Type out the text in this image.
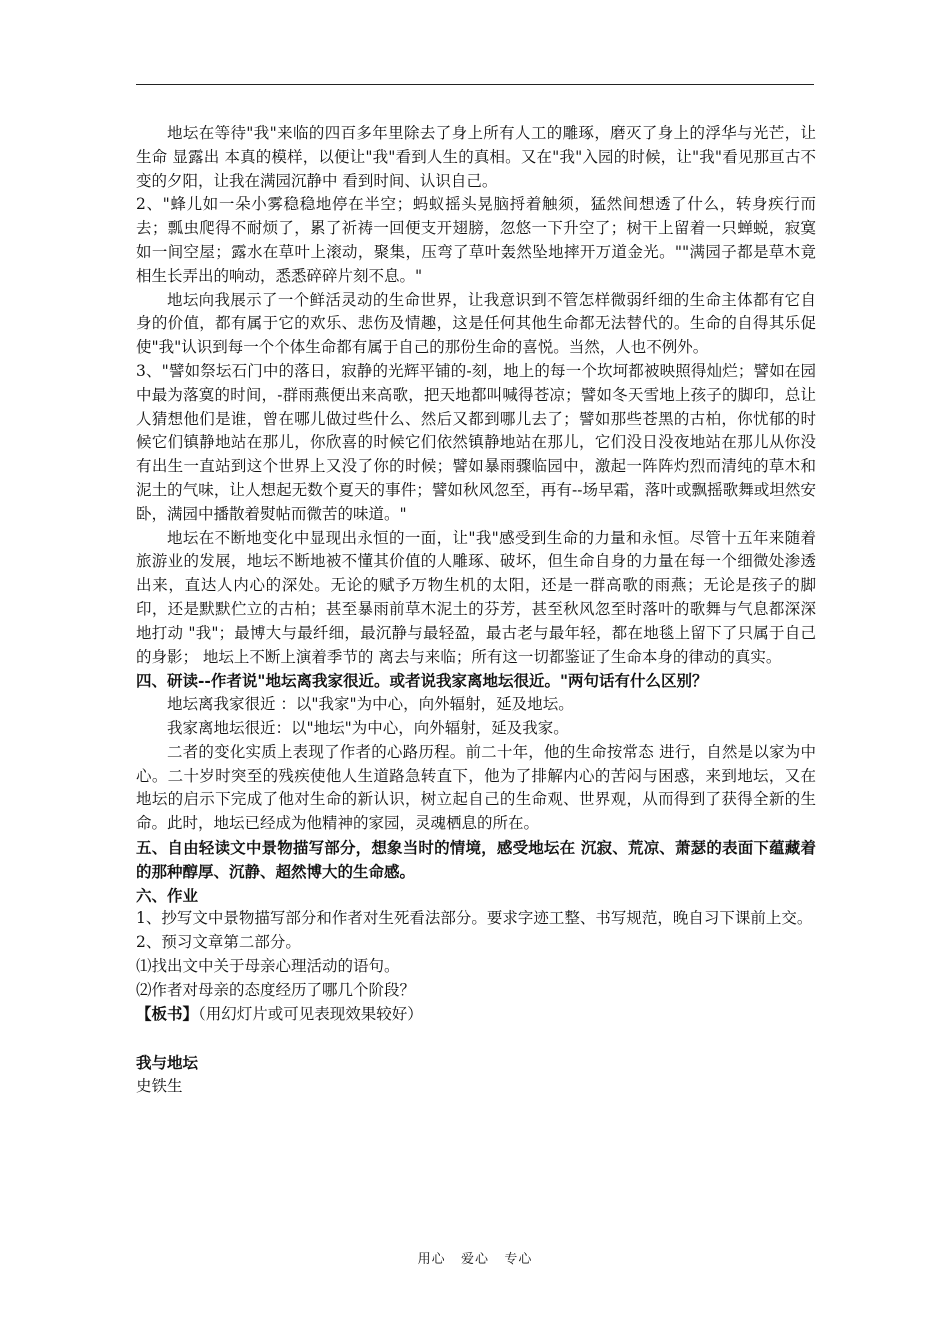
地坛在等待"我"来临的四百多年里除去了身上所有人工的雕琢，磨灭了身上的浮华与光芒，让生命 显露出 本真的模样，以便让"我"看到人生的真相。又在"我"入园的时候，让"我"看见那亘古不变的夕阳，让我在满园沉静中 看到时间、认识自己。

2、"蜂儿如一朵小雾稳稳地停在半空；蚂蚁摇头晃脑捋着触须，猛然间想透了什么，转身疾行而去；瓢虫爬得不耐烦了，累了祈祷一回便支开翅膀，忽悠一下升空了；树干上留着一只蝉蜕，寂寞如一间空屋；露水在草叶上滚动，聚集，压弯了草叶轰然坠地摔开万道金光。""满园子都是草木竟相生长弄出的响动，悉悉碎碎片刻不息。"

地坛向我展示了一个鲜活灵动的生命世界，让我意识到不管怎样微弱纤细的生命主体都有它自身的价值，都有属于它的欢乐、悲伤及情趣，这是任何其他生命都无法替代的。生命的自得其乐促使"我"认识到每一个个体生命都有属于自己的那份生命的喜悦。当然，人也不例外。

3、"譬如祭坛石门中的落日，寂静的光辉平铺的-刻，地上的每一个坎坷都被映照得灿烂；譬如在园中最为落寞的时间，-群雨燕便出来高歌，把天地都叫喊得苍凉；譬如冬天雪地上孩子的脚印，总让人猜想他们是谁，曾在哪儿做过些什么、然后又都到哪儿去了；譬如那些苍黑的古柏，你忧郁的时候它们镇静地站在那儿，你欣喜的时候它们依然镇静地站在那儿，它们没日没夜地站在那儿从你没有出生一直站到这个世界上又没了你的时候；譬如暴雨骤临园中，激起一阵阵灼烈而清纯的草木和泥土的气味，让人想起无数个夏天的事件；譬如秋风忽至，再有--场早霜，落叶或飘摇歌舞或坦然安卧，满园中播散着熨帖而微苦的味道。"

地坛在不断地变化中显现出永恒的一面，让"我"感受到生命的力量和永恒。尽管十五年来随着旅游业的发展，地坛不断地被不懂其价值的人雕琢、破坏，但生命自身的力量在每一个细微处渗透出来，直达人内心的深处。无论的赋予万物生机的太阳，还是一群高歌的雨燕；无论是孩子的脚印，还是默默伫立的古柏；甚至暴雨前草木泥土的芬芳，甚至秋风忽至时落叶的歌舞与气息都深深地打动 "我"；最博大与最纤细，最沉静与最轻盈，最古老与最年轻，都在地毯上留下了只属于自己的身影； 地坛上不断上演着季节的 离去与来临；所有这一切都鉴证了生命本身的律动的真实。

四、研读--作者说"地坛离我家很近。或者说我家离地坛很近。"两句话有什么区别？

地坛离我家很近 ：以"我家"为中心，向外辐射，延及地坛。

我家离地坛很近：以"地坛"为中心，向外辐射，延及我家。

二者的变化实质上表现了作者的心路历程。前二十年，他的生命按常态 进行，自然是以家为中心。二十岁时突至的残疾使他人生道路急转直下，他为了排解内心的苦闷与困惑，来到地坛，又在地坛的启示下完成了他对生命的新认识，树立起自己的生命观、世界观，从而得到了获得全新的生命。此时，地坛已经成为他精神的家园，灵魂栖息的所在。

五、自由轻读文中景物描写部分，想象当时的情境，感受地坛在 沉寂、荒凉、萧瑟的表面下蕴藏着的那种醇厚、沉静、超然博大的生命感。

六、作业

1、抄写文中景物描写部分和作者对生死看法部分。要求字迹工整、书写规范，晚自习下课前上交。

2、预习文章第二部分。

⑴找出文中关于母亲心理活动的语句。

⑵作者对母亲的态度经历了哪几个阶段？

【板书】（用幻灯片或可见表现效果较好）

我与地坛

史铁生

用心   爱心   专心
